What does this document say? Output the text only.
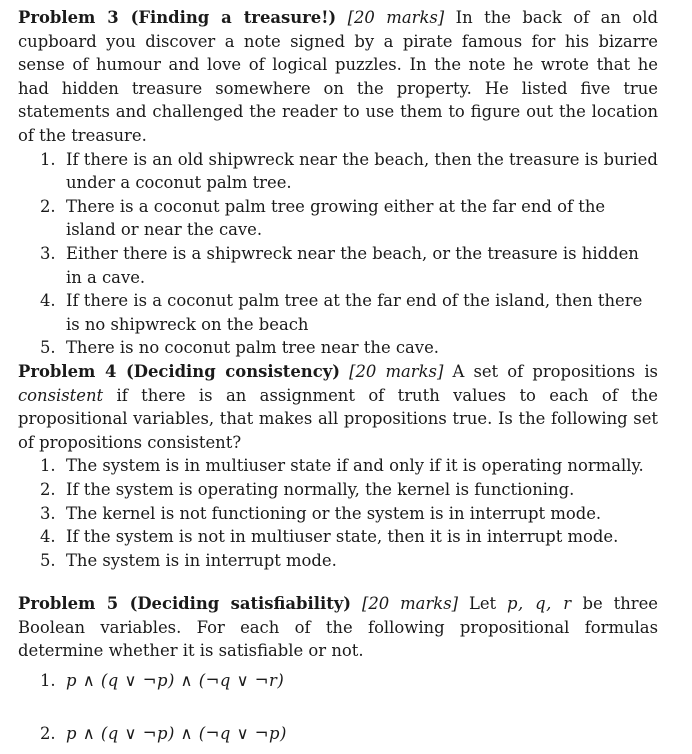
Problem 3 (Finding a treasure!) [20 marks] In the back of an old cupboard you discover a note signed by a pirate famous for his bizarre sense of humour and love of logical puzzles. In the note he wrote that he had hidden treasure somewhere on the property. He listed five true statements and challenged the reader to use them to figure out the location of the treasure.

1. If there is an old shipwreck near the beach, then the treasure is buried under a coconut palm tree.
2. There is a coconut palm tree growing either at the far end of the island or near the cave.
3. Either there is a shipwreck near the beach, or the treasure is hidden in a cave.
4. If there is a coconut palm tree at the far end of the island, then there is no shipwreck on the beach
5. There is no coconut palm tree near the cave.

Problem 4 (Deciding consistency) [20 marks] A set of propositions is consistent if there is an assignment of truth values to each of the propositional variables, that makes all propositions true. Is the following set of propositions consistent?

1. The system is in multiuser state if and only if it is operating normally.
2. If the system is operating normally, the kernel is functioning.
3. The kernel is not functioning or the system is in interrupt mode.
4. If the system is not in multiuser state, then it is in interrupt mode.
5. The system is in interrupt mode.

Problem 5 (Deciding satisfiability) [20 marks] Let p, q, r be three Boolean variables. For each of the following propositional formulas determine whether it is satisfiable or not.

1. p ∧ (q ∨ ¬p) ∧ (¬q ∨ ¬r)
2. p ∧ (q ∨ ¬p) ∧ (¬q ∨ ¬p)
